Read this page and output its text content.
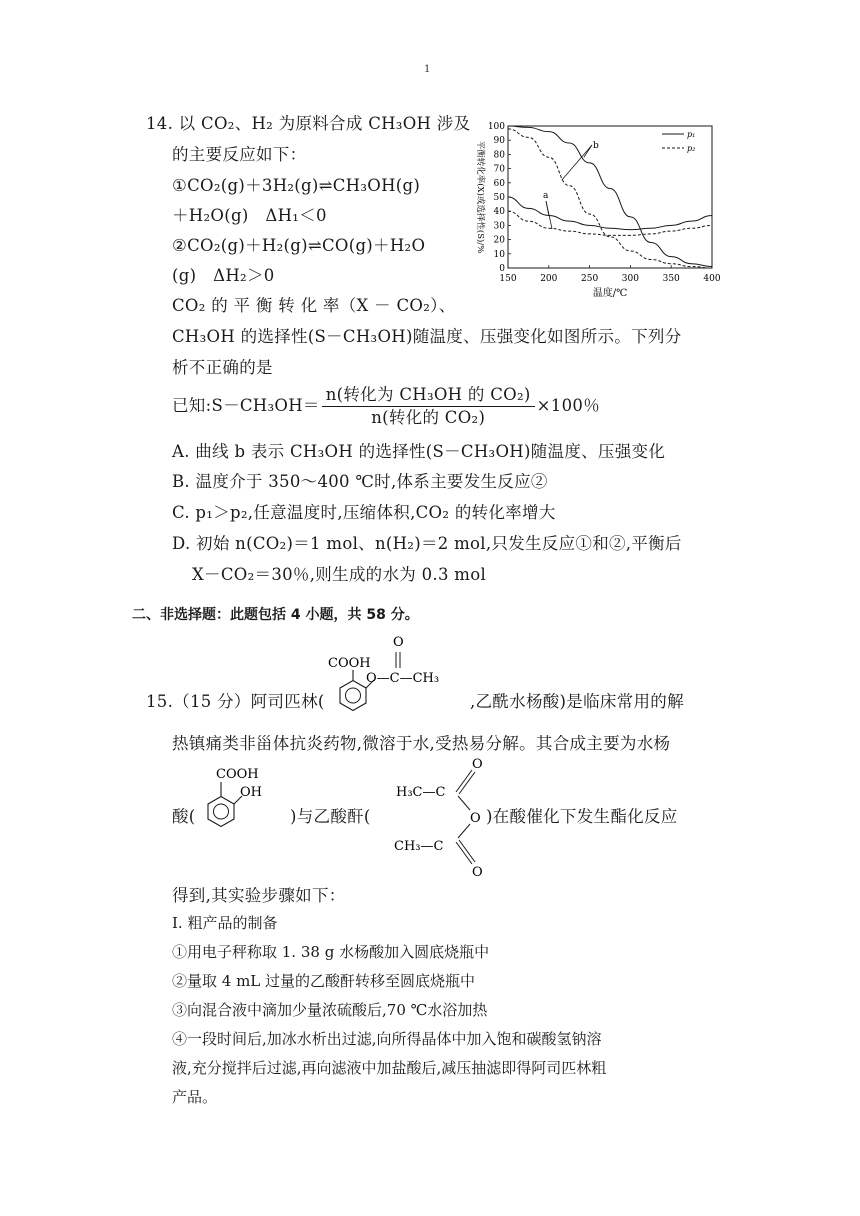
1
14. 以 CO₂、H₂ 为原料合成 CH₃OH 涉及
的主要反应如下：
①CO₂(g)＋3H₂(g)⇌CH₃OH(g)
＋H₂O(g)　ΔH₁＜0
②CO₂(g)＋H₂(g)⇌CO(g)＋H₂O
(g)　ΔH₂＞0
CO₂ 的 平 衡 转 化 率（X － CO₂）、
CH₃OH 的选择性(S－CH₃OH)随温度、压强变化如图所示。下列分
析不正确的是
已知:S－CH₃OH＝ $\frac{\text{n(转化为 CH₃OH 的 CO₂)}}{\text{n(转化的 CO₂)}} \times 100$％
A. 曲线 b 表示 CH₃OH 的选择性(S－CH₃OH)随温度、压强变化
B. 温度介于 350～400 ℃时,体系主要发生反应②
C. p₁＞p₂,任意温度时,压缩体积,CO₂ 的转化率增大
D. 初始 n(CO₂)＝1 mol、n(H₂)＝2 mol,只发生反应①和②,平衡后
X－CO₂＝30％,则生成的水为 0.3 mol
0
10
20
30
40
50
60
70
80
90
100
150	200	250	300	350	400
温度/℃
平衡转化率(X)或选择性(S)/%
p₁
p₂
b
a
二、非选择题：此题包括 4 小题，共 58 分。
COOH
O
O—C—CH₃
15.（15 分）阿司匹林(	,乙酰水杨酸)是临床常用的解
热镇痛类非甾体抗炎药物,微溶于水,受热易分解。其合成主要为水杨
COOH
OH
O
H₃C—C
O
CH₃—C
O
酸(	)与乙酸酐(	)在酸催化下发生酯化反应
得到,其实验步骤如下：
Ⅰ. 粗产品的制备
①用电子秤称取 1. 38 g 水杨酸加入圆底烧瓶中
②量取 4 mL 过量的乙酸酐转移至圆底烧瓶中
③向混合液中滴加少量浓硫酸后,70 ℃水浴加热
④一段时间后,加冰水析出过滤,向所得晶体中加入饱和碳酸氢钠溶
液,充分搅拌后过滤,再向滤液中加盐酸后,减压抽滤即得阿司匹林粗
产品。
